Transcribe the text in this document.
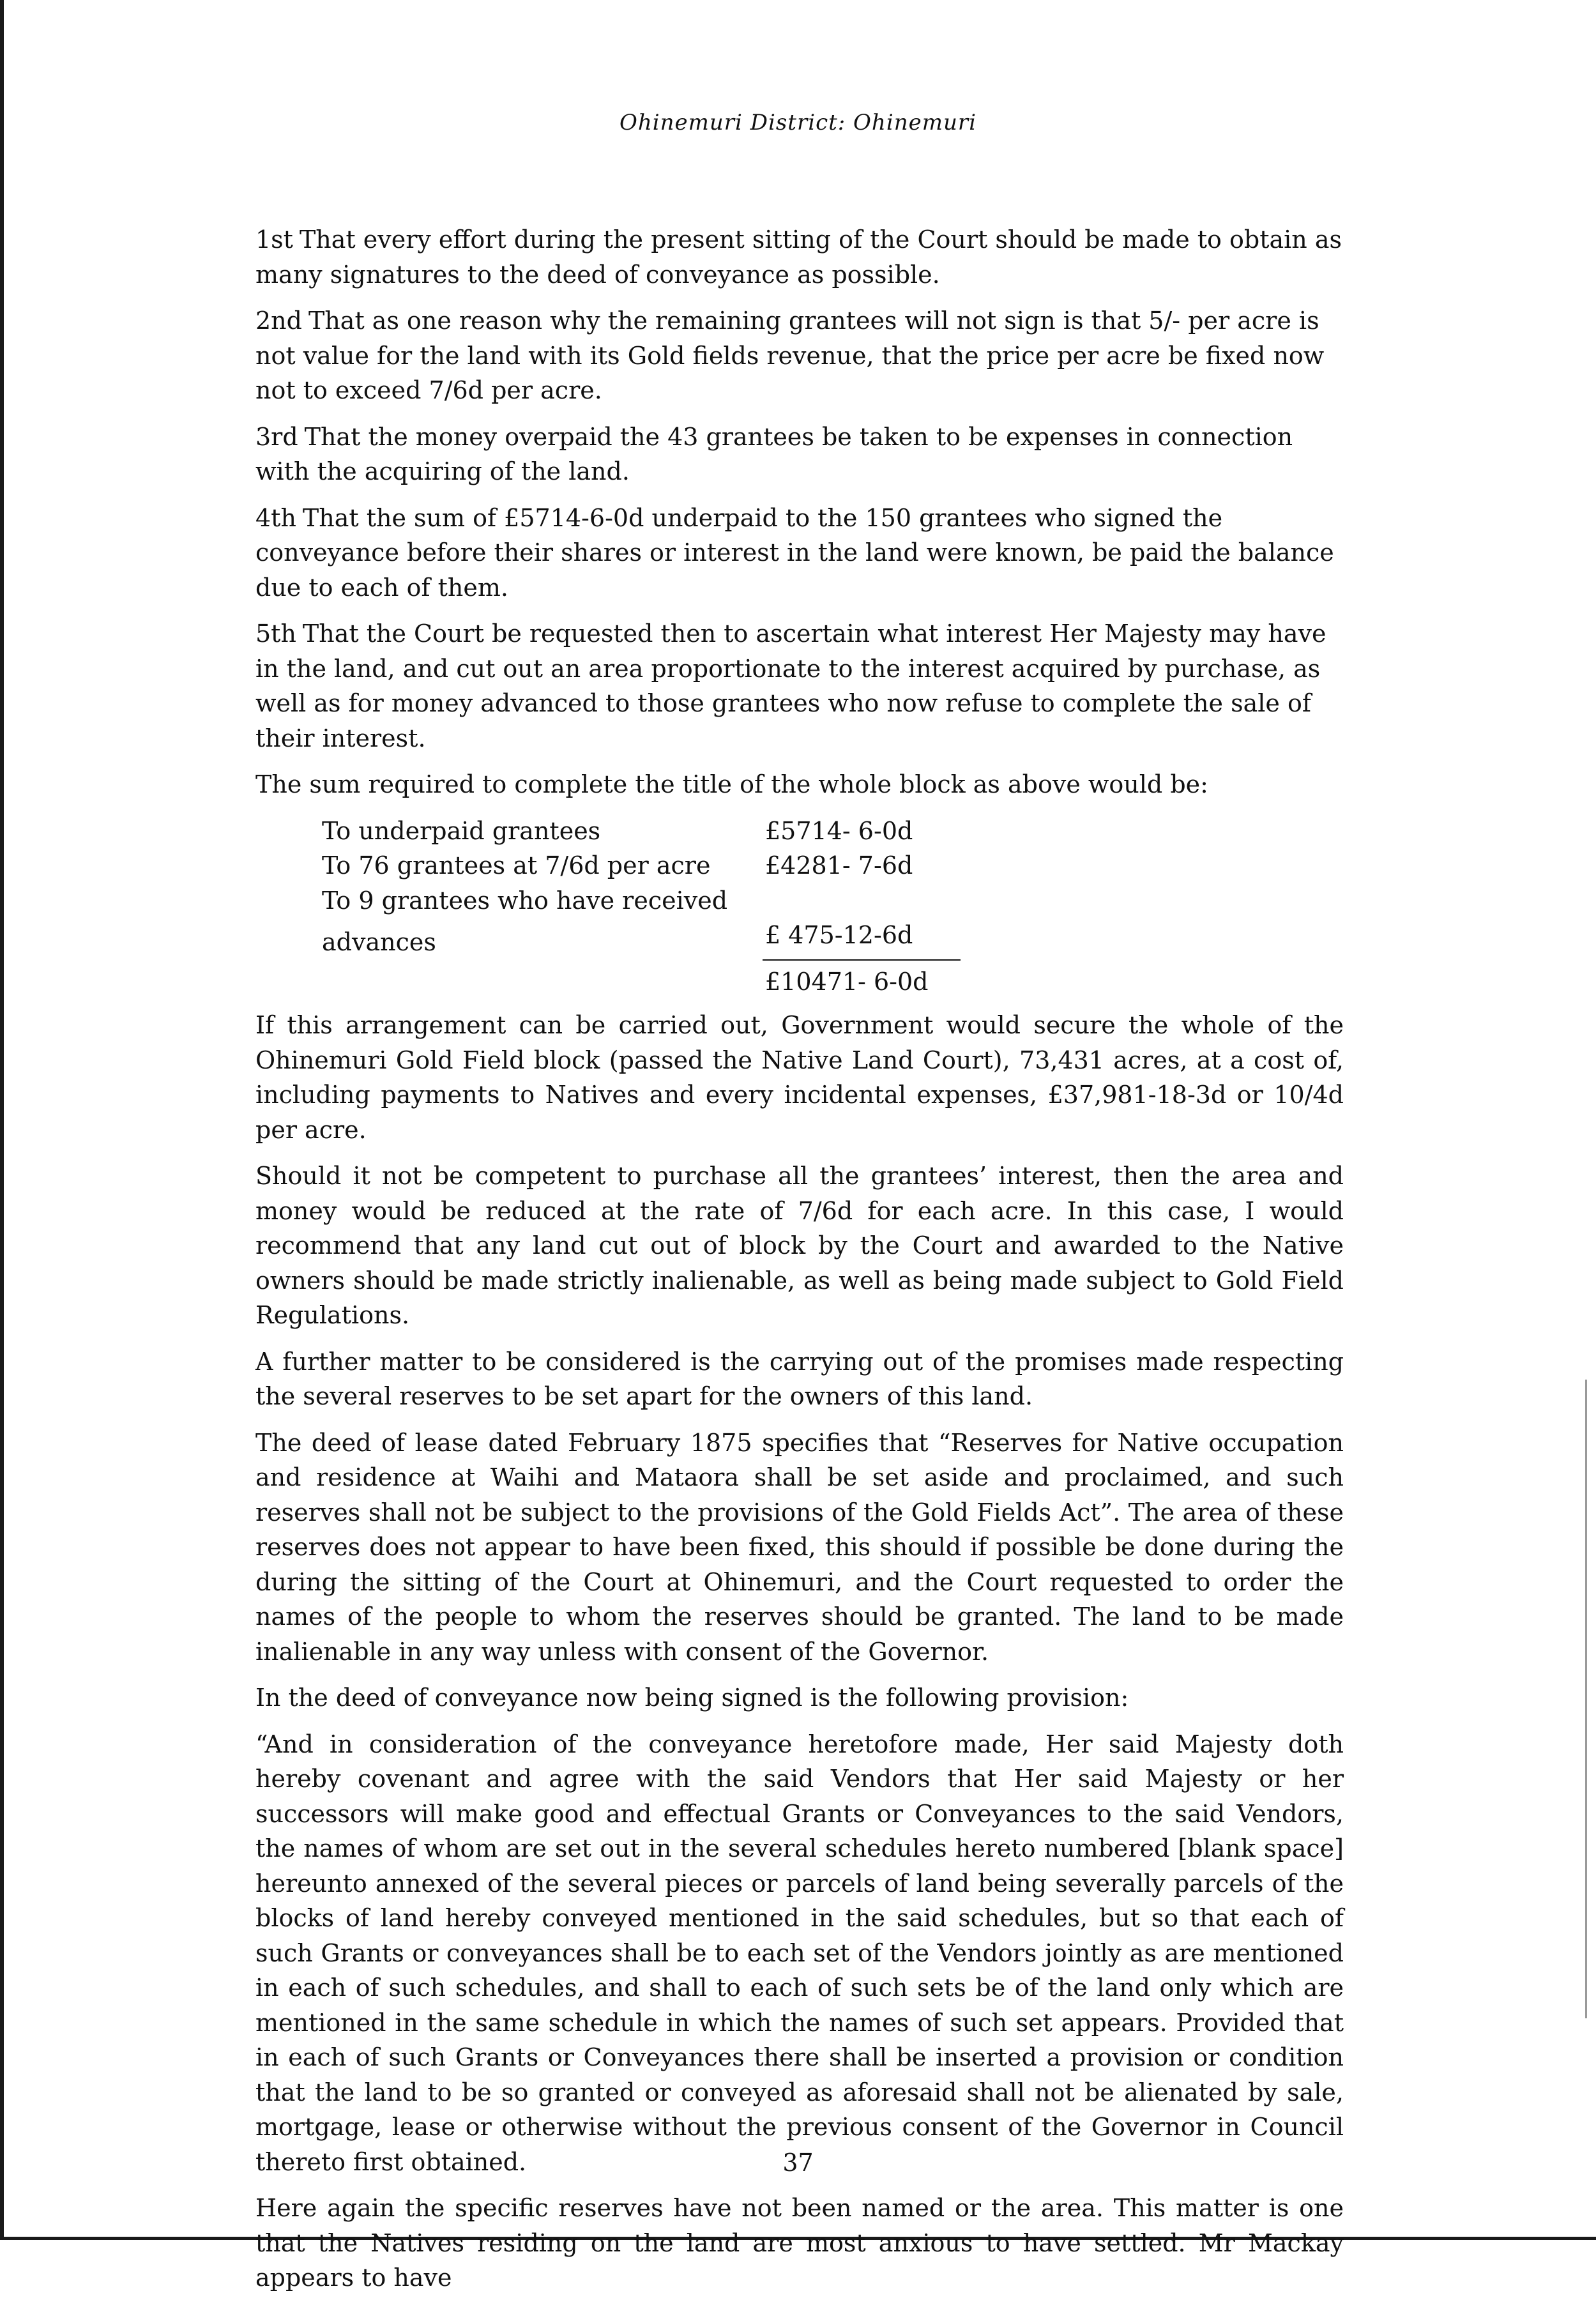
Ohinemuri District: Ohinemuri

1st That every effort during the present sitting of the Court should be made to obtain as many signatures to the deed of conveyance as possible.

2nd That as one reason why the remaining grantees will not sign is that 5/- per acre is not value for the land with its Gold fields revenue, that the price per acre be fixed now not to exceed 7/6d per acre.

3rd That the money overpaid the 43 grantees be taken to be expenses in connection with the acquiring of the land.

4th That the sum of £5714-6-0d underpaid to the 150 grantees who signed the conveyance before their shares or interest in the land were known, be paid the balance due to each of them.

5th That the Court be requested then to ascertain what interest Her Majesty may have in the land, and cut out an area proportionate to the interest acquired by purchase, as well as for money advanced to those grantees who now refuse to complete the sale of their interest.

The sum required to complete the title of the whole block as above would be:

To underpaid grantees	£5714- 6-0d
To 76 grantees at 7/6d per acre	£4281- 7-6d
To 9 grantees who have received	
advances	£ 475-12-6d
	£10471- 6-0d

If this arrangement can be carried out, Government would secure the whole of the Ohinemuri Gold Field block (passed the Native Land Court), 73,431 acres, at a cost of, including payments to Natives and every incidental expenses, £37,981-18-3d or 10/4d per acre.

Should it not be competent to purchase all the grantees’ interest, then the area and money would be reduced at the rate of 7/6d for each acre. In this case, I would recommend that any land cut out of block by the Court and awarded to the Native owners should be made strictly inalienable, as well as being made subject to Gold Field Regulations.

A further matter to be considered is the carrying out of the promises made respecting the several reserves to be set apart for the owners of this land.

The deed of lease dated February 1875 specifies that “Reserves for Native occupation and residence at Waihi and Mataora shall be set aside and proclaimed, and such reserves shall not be subject to the provisions of the Gold Fields Act”. The area of these reserves does not appear to have been fixed, this should if possible be done during the during the sitting of the Court at Ohinemuri, and the Court requested to order the names of the people to whom the reserves should be granted. The land to be made inalienable in any way unless with consent of the Governor.

In the deed of conveyance now being signed is the following provision:

“And in consideration of the conveyance heretofore made, Her said Majesty doth hereby covenant and agree with the said Vendors that Her said Majesty or her successors will make good and effectual Grants or Conveyances to the said Vendors, the names of whom are set out in the several schedules hereto numbered [blank space] hereunto annexed of the several pieces or parcels of land being severally parcels of the blocks of land hereby conveyed mentioned in the said schedules, but so that each of such Grants or conveyances shall be to each set of the Vendors jointly as are mentioned in each of such schedules, and shall to each of such sets be of the land only which are mentioned in the same schedule in which the names of such set appears. Provided that in each of such Grants or Conveyances there shall be inserted a provision or condition that the land to be so granted or conveyed as aforesaid shall not be alienated by sale, mortgage, lease or otherwise without the previous consent of the Governor in Council thereto first obtained.

Here again the specific reserves have not been named or the area. This matter is one that the Natives residing on the land are most anxious to have settled. Mr Mackay appears to have

37
